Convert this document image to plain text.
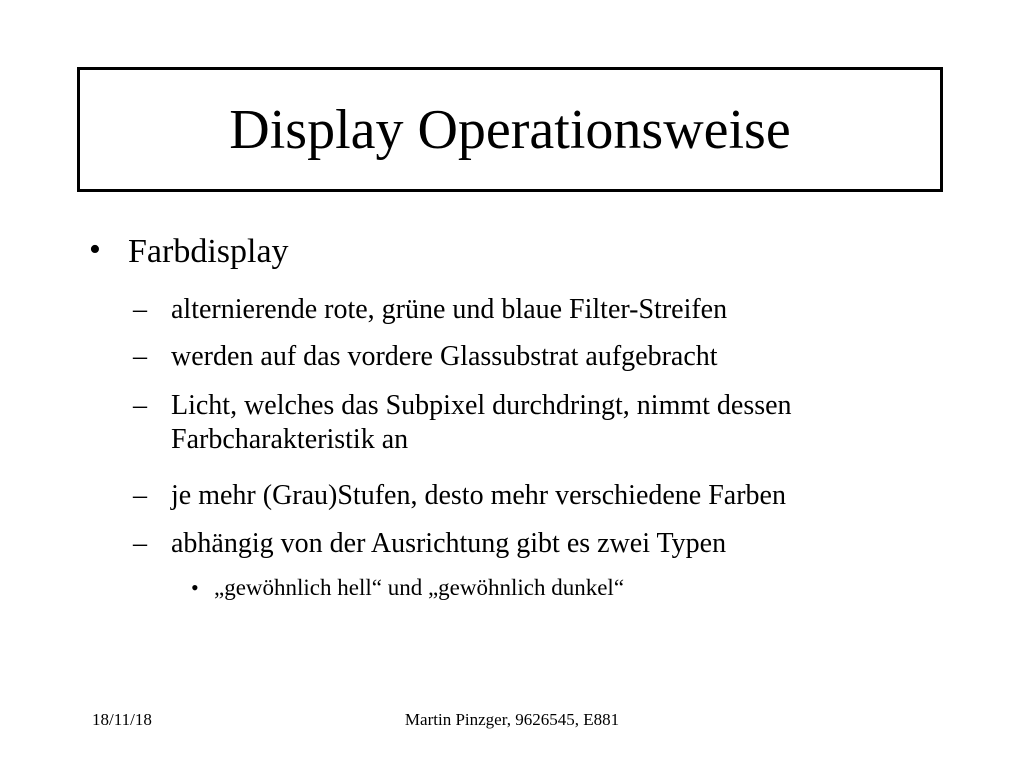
Display Operationsweise
• Farbdisplay
– alternierende rote, grüne und blaue Filter-Streifen
– werden auf das vordere Glassubstrat aufgebracht
– Licht, welches das Subpixel durchdringt, nimmt dessen Farbcharakteristik an
– je mehr (Grau)Stufen, desto mehr verschiedene Farben
– abhängig von der Ausrichtung gibt es zwei Typen
• „gewöhnlich hell“ und „gewöhnlich dunkel“
18/11/18	Martin Pinzger, 9626545, E881
